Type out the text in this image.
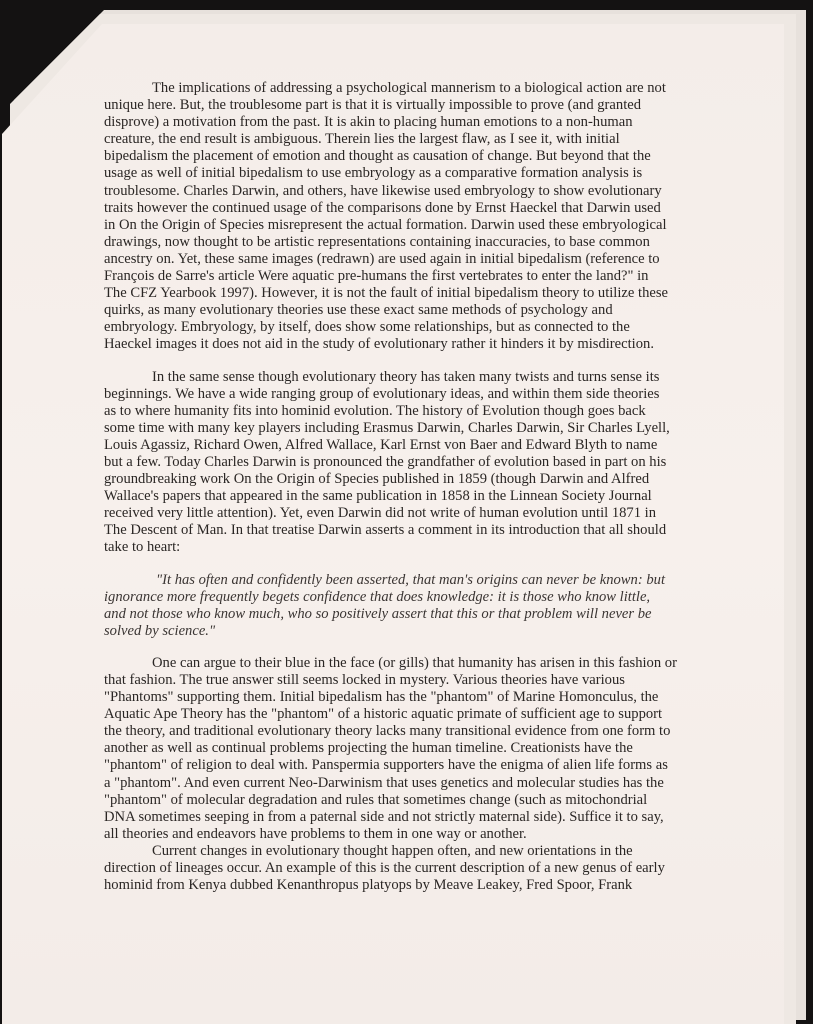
The implications of addressing a psychological mannerism to a biological action are not
unique here. But, the troublesome part is that it is virtually impossible to prove (and granted
disprove) a motivation from the past. It is akin to placing human emotions to a non-human
creature, the end result is ambiguous. Therein lies the largest flaw, as I see it, with initial
bipedalism the placement of emotion and thought as causation of change. But beyond that the
usage as well of initial bipedalism to use embryology as a comparative formation analysis is
troublesome. Charles Darwin, and others, have likewise used embryology to show evolutionary
traits however the continued usage of the comparisons done by Ernst Haeckel that Darwin used
in On the Origin of Species misrepresent the actual formation. Darwin used these embryological
drawings, now thought to be artistic representations containing inaccuracies, to base common
ancestry on. Yet, these same images (redrawn) are used again in initial bipedalism (reference to
François de Sarre's article Were aquatic pre-humans the first vertebrates to enter the land?" in
The CFZ Yearbook 1997). However, it is not the fault of initial bipedalism theory to utilize these
quirks, as many evolutionary theories use these exact same methods of psychology and
embryology. Embryology, by itself, does show some relationships, but as connected to the
Haeckel images it does not aid in the study of evolutionary rather it hinders it by misdirection.
In the same sense though evolutionary theory has taken many twists and turns sense its
beginnings. We have a wide ranging group of evolutionary ideas, and within them side theories
as to where humanity fits into hominid evolution. The history of Evolution though goes back
some time with many key players including Erasmus Darwin, Charles Darwin, Sir Charles Lyell,
Louis Agassiz, Richard Owen, Alfred Wallace, Karl Ernst von Baer and Edward Blyth to name
but a few. Today Charles Darwin is pronounced the grandfather of evolution based in part on his
groundbreaking work On the Origin of Species published in 1859 (though Darwin and Alfred
Wallace's papers that appeared in the same publication in 1858 in the Linnean Society Journal
received very little attention). Yet, even Darwin did not write of human evolution until 1871 in
The Descent of Man. In that treatise Darwin asserts a comment in its introduction that all should
take to heart:
"It has often and confidently been asserted, that man's origins can never be known: but
ignorance more frequently begets confidence that does knowledge: it is those who know little,
and not those who know much, who so positively assert that this or that problem will never be
solved by science."
One can argue to their blue in the face (or gills) that humanity has arisen in this fashion or
that fashion. The true answer still seems locked in mystery. Various theories have various
"Phantoms" supporting them. Initial bipedalism has the "phantom" of Marine Homonculus, the
Aquatic Ape Theory has the "phantom" of a historic aquatic primate of sufficient age to support
the theory, and traditional evolutionary theory lacks many transitional evidence from one form to
another as well as continual problems projecting the human timeline. Creationists have the
"phantom" of religion to deal with. Panspermia supporters have the enigma of alien life forms as
a "phantom". And even current Neo-Darwinism that uses genetics and molecular studies has the
"phantom" of molecular degradation and rules that sometimes change (such as mitochondrial
DNA sometimes seeping in from a paternal side and not strictly maternal side). Suffice it to say,
all theories and endeavors have problems to them in one way or another.
Current changes in evolutionary thought happen often, and new orientations in the
direction of lineages occur. An example of this is the current description of a new genus of early
hominid from Kenya dubbed Kenanthropus platyops by Meave Leakey, Fred Spoor, Frank
